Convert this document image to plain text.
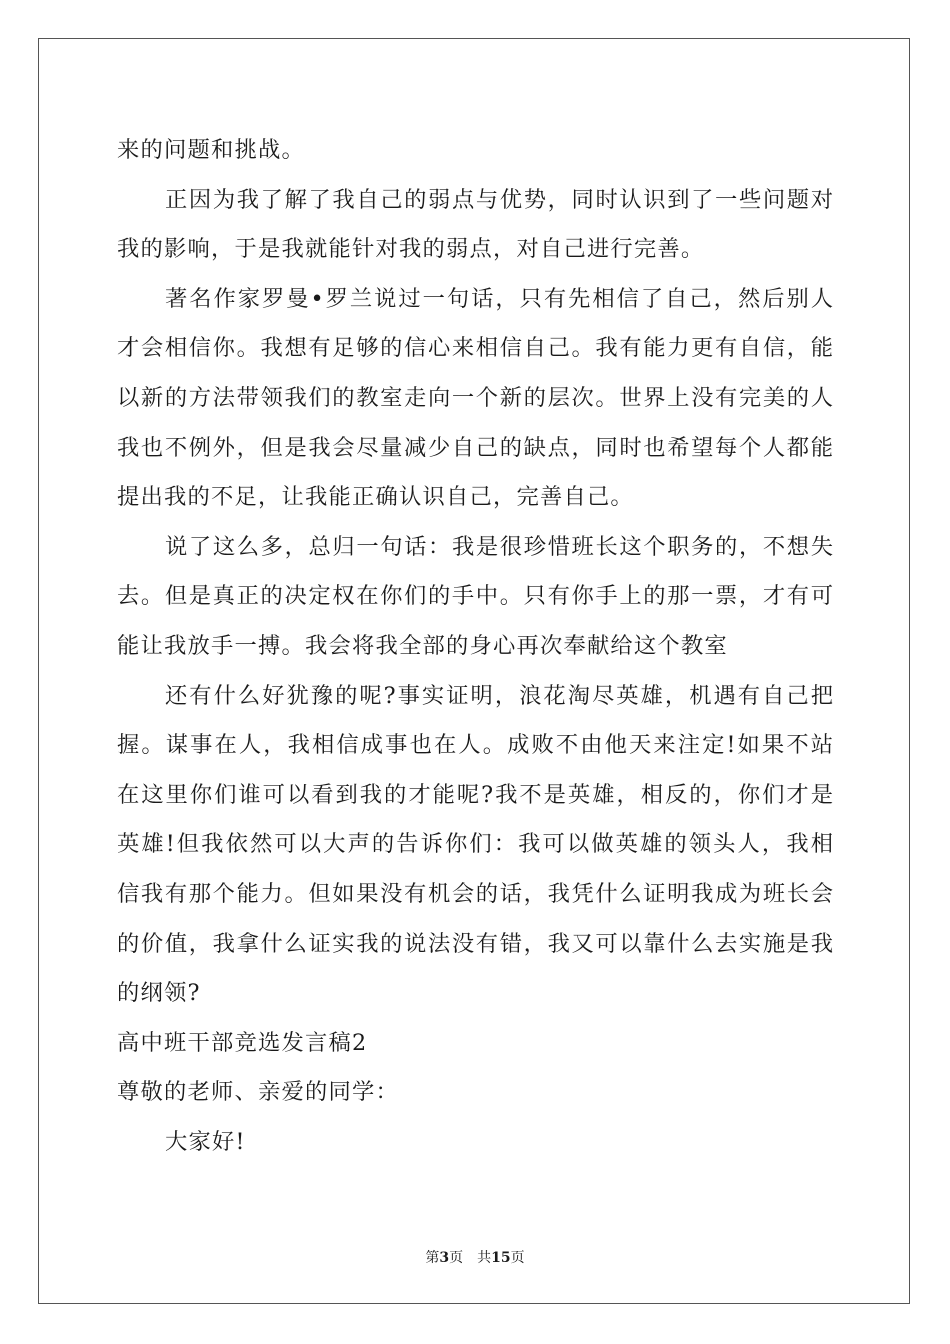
来的问题和挑战。
正因为我了解了我自己的弱点与优势，同时认识到了一些问题对
我的影响，于是我就能针对我的弱点，对自己进行完善。
著名作家罗曼•罗兰说过一句话，只有先相信了自己，然后别人
才会相信你。我想有足够的信心来相信自己。我有能力更有自信，能
以新的方法带领我们的教室走向一个新的层次。世界上没有完美的人
我也不例外，但是我会尽量减少自己的缺点，同时也希望每个人都能
提出我的不足，让我能正确认识自己，完善自己。
说了这么多，总归一句话：我是很珍惜班长这个职务的，不想失
去。但是真正的决定权在你们的手中。只有你手上的那一票，才有可
能让我放手一搏。我会将我全部的身心再次奉献给这个教室
还有什么好犹豫的呢?事实证明，浪花淘尽英雄，机遇有自己把
握。谋事在人，我相信成事也在人。成败不由他天来注定!如果不站
在这里你们谁可以看到我的才能呢?我不是英雄，相反的，你们才是
英雄!但我依然可以大声的告诉你们：我可以做英雄的领头人，我相
信我有那个能力。但如果没有机会的话，我凭什么证明我成为班长会
的价值，我拿什么证实我的说法没有错，我又可以靠什么去实施是我
的纲领?
高中班干部竞选发言稿2
尊敬的老师、亲爱的同学：
大家好!
第3页 共15页
